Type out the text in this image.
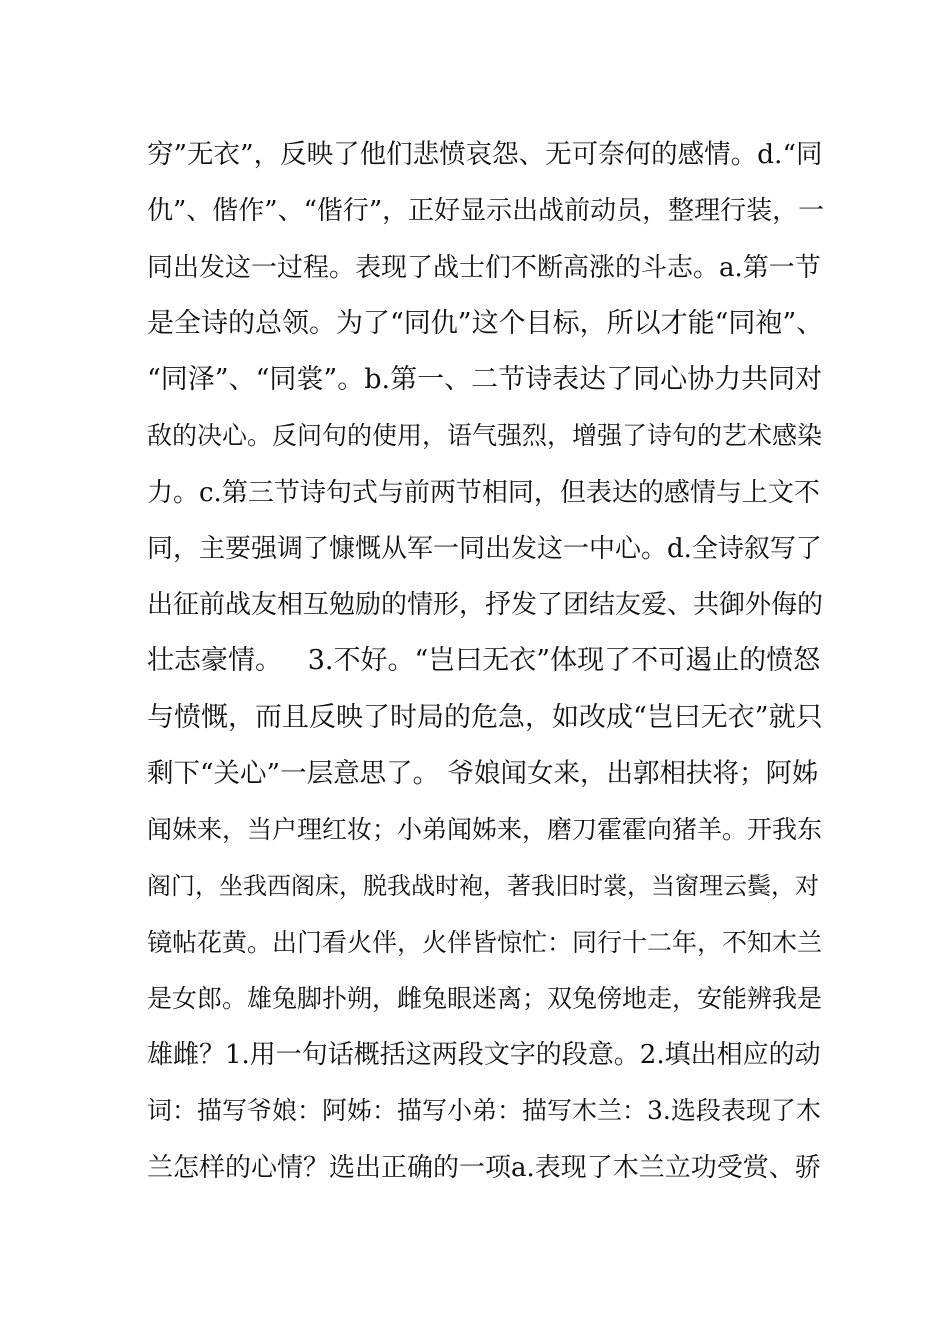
穷”无衣”，反映了他们悲愤哀怨、无可奈何的感情。d.“同
仇”、偕作”、“偕行”，正好显示出战前动员，整理行装，一
同出发这一过程。表现了战士们不断高涨的斗志。a.第一节
是全诗的总领。为了“同仇”这个目标，所以才能“同袍”、
“同泽”、“同裳”。b.第一、二节诗表达了同心协力共同对
敌的决心。反问句的使用，语气强烈，增强了诗句的艺术感染
力。c.第三节诗句式与前两节相同，但表达的感情与上文不
同，主要强调了慷慨从军一同出发这一中心。d.全诗叙写了
出征前战友相互勉励的情形，抒发了团结友爱、共御外侮的
壮志豪情。   3.不好。“岂曰无衣”体现了不可遏止的愤怒
与愤慨，而且反映了时局的危急，如改成“岂曰无衣”就只
剩下“关心”一层意思了。 爷娘闻女来，出郭相扶将；阿姊
闻妹来，当户理红妆；小弟闻姊来，磨刀霍霍向猪羊。开我东
阁门，坐我西阁床，脱我战时袍，著我旧时裳，当窗理云鬓，对
镜帖花黄。出门看火伴，火伴皆惊忙：同行十二年，不知木兰
是女郎。雄兔脚扑朔，雌兔眼迷离；双兔傍地走，安能辨我是
雄雌？1.用一句话概括这两段文字的段意。2.填出相应的动
词：描写爷娘：阿姊：描写小弟：描写木兰：3.选段表现了木
兰怎样的心情？选出正确的一项a.表现了木兰立功受赏、骄
